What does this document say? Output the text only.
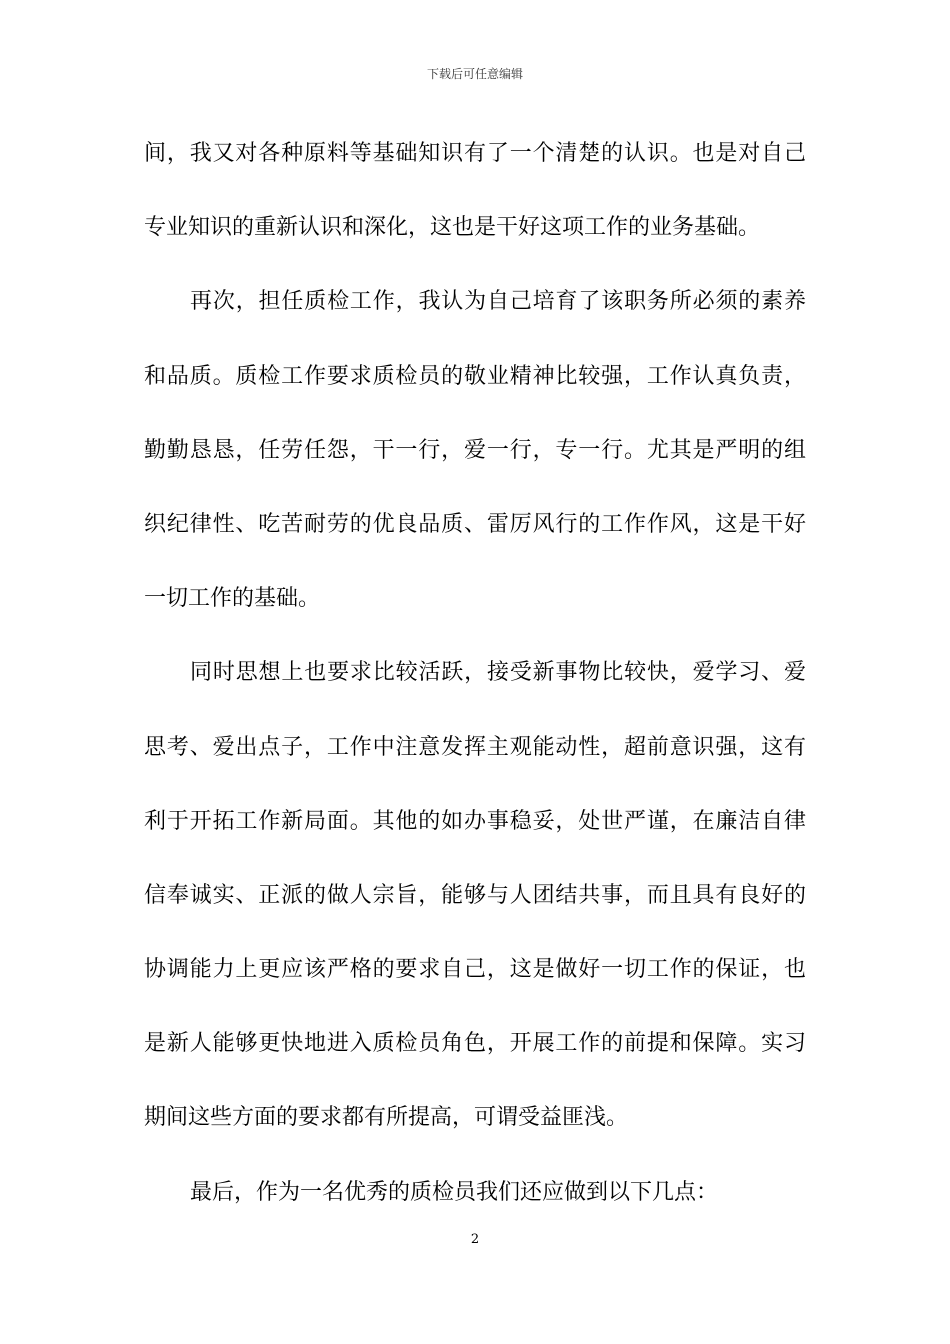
下载后可任意编辑
间，我又对各种原料等基础知识有了一个清楚的认识。也是对自己
专业知识的重新认识和深化，这也是干好这项工作的业务基础。
再次，担任质检工作，我认为自己培育了该职务所必须的素养
和品质。质检工作要求质检员的敬业精神比较强，工作认真负责，
勤勤恳恳，任劳任怨，干一行，爱一行，专一行。尤其是严明的组
织纪律性、吃苦耐劳的优良品质、雷厉风行的工作作风，这是干好
一切工作的基础。
同时思想上也要求比较活跃，接受新事物比较快，爱学习、爱
思考、爱出点子，工作中注意发挥主观能动性，超前意识强，这有
利于开拓工作新局面。其他的如办事稳妥，处世严谨，在廉洁自律
信奉诚实、正派的做人宗旨，能够与人团结共事，而且具有良好的
协调能力上更应该严格的要求自己，这是做好一切工作的保证，也
是新人能够更快地进入质检员角色，开展工作的前提和保障。实习
期间这些方面的要求都有所提高，可谓受益匪浅。
最后，作为一名优秀的质检员我们还应做到以下几点：
2
